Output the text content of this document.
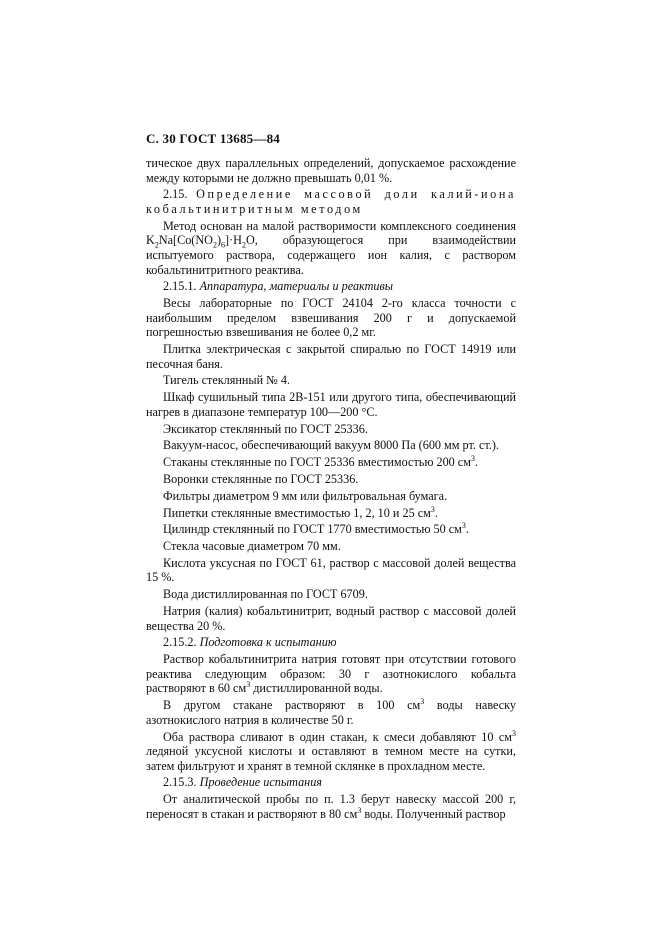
С. 30 ГОСТ 13685—84

тическое двух параллельных определений, допускаемое расхождение между которыми не должно превышать 0,01 %.

2.15. Определение массовой доли калий-иона кобальтинитритным методом

Метод основан на малой растворимости комплексного соединения $K_2Na[Co(NO_2)_6]\cdot H_2O$, образующегося при взаимодействии испытуемого раствора, содержащего ион калия, с раствором кобальтинитритного реактива.

2.15.1. Аппаратура, материалы и реактивы

Весы лабораторные по ГОСТ 24104 2-го класса точности с наибольшим пределом взвешивания 200 г и допускаемой погрешностью взвешивания не более 0,2 мг.

Плитка электрическая с закрытой спиралью по ГОСТ 14919 или песочная баня.

Тигель стеклянный № 4.

Шкаф сушильный типа 2В-151 или другого типа, обеспечивающий нагрев в диапазоне температур 100—200 °С.

Эксикатор стеклянный по ГОСТ 25336.

Вакуум-насос, обеспечивающий вакуум 8000 Па (600 мм рт. ст.).

Стаканы стеклянные по ГОСТ 25336 вместимостью 200 $см^3$.

Воронки стеклянные по ГОСТ 25336.

Фильтры диаметром 9 мм или фильтровальная бумага.

Пипетки стеклянные вместимостью 1, 2, 10 и 25 $см^3$.

Цилиндр стеклянный по ГОСТ 1770 вместимостью 50 $см^3$.

Стекла часовые диаметром 70 мм.

Кислота уксусная по ГОСТ 61, раствор с массовой долей вещества 15 %.

Вода дистиллированная по ГОСТ 6709.

Натрия (калия) кобальтинитрит, водный раствор с массовой долей вещества 20 %.

2.15.2. Подготовка к испытанию

Раствор кобальтинитрита натрия готовят при отсутствии готового реактива следующим образом: 30 г азотнокислого кобальта растворяют в 60 $см^3$ дистиллированной воды.

В другом стакане растворяют в 100 $см^3$ воды навеску азотнокислого натрия в количестве 50 г.

Оба раствора сливают в один стакан, к смеси добавляют 10 $см^3$ ледяной уксусной кислоты и оставляют в темном месте на сутки, затем фильтруют и хранят в темной склянке в прохладном месте.

2.15.3. Проведение испытания

От аналитической пробы по п. 1.3 берут навеску массой 200 г, переносят в стакан и растворяют в 80 $см^3$ воды. Полученный раствор
